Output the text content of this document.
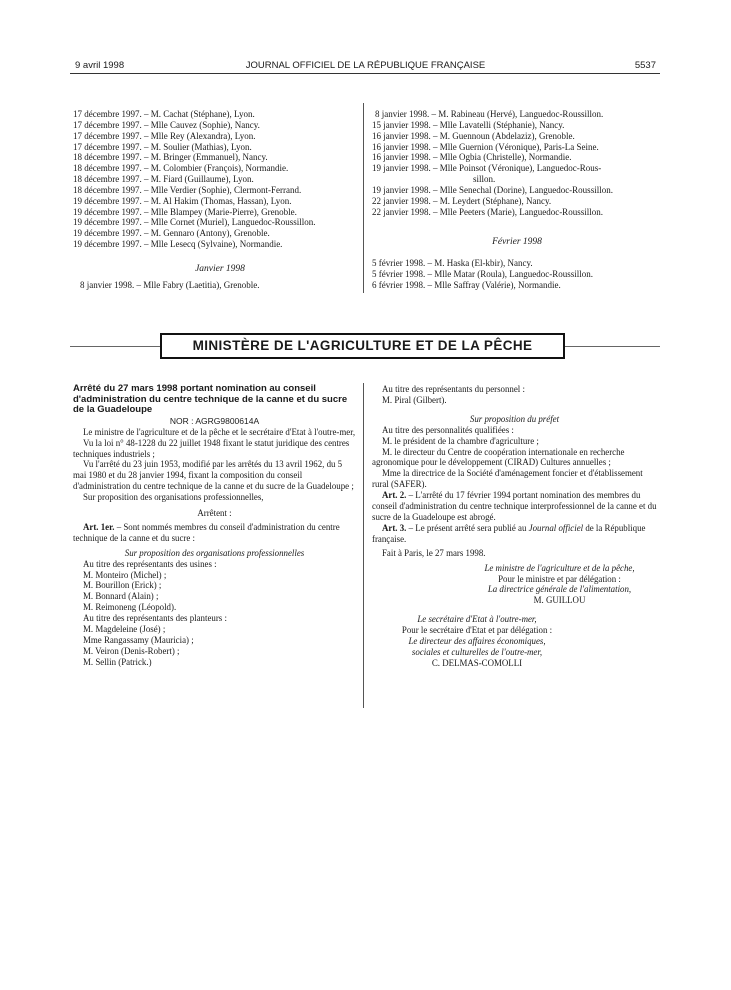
9 avril 1998	JOURNAL OFFICIEL DE LA RÉPUBLIQUE FRANÇAISE	5537
17 décembre 1997. – M. Cachat (Stéphane), Lyon.
17 décembre 1997. – Mlle Cauvez (Sophie), Nancy.
17 décembre 1997. – Mlle Rey (Alexandra), Lyon.
17 décembre 1997. – M. Soulier (Mathias), Lyon.
18 décembre 1997. – M. Bringer (Emmanuel), Nancy.
18 décembre 1997. – M. Colombier (François), Normandie.
18 décembre 1997. – M. Fiard (Guillaume), Lyon.
18 décembre 1997. – Mlle Verdier (Sophie), Clermont-Ferrand.
19 décembre 1997. – M. Al Hakim (Thomas, Hassan), Lyon.
19 décembre 1997. – Mlle Blampey (Marie-Pierre), Grenoble.
19 décembre 1997. – Mlle Cornet (Muriel), Languedoc-Roussillon.
19 décembre 1997. – M. Gennaro (Antony), Grenoble.
19 décembre 1997. – Mlle Lesecq (Sylvaine), Normandie.
Janvier 1998
8 janvier 1998. – Mlle Fabry (Laetitia), Grenoble.
8 janvier 1998. – M. Rabineau (Hervé), Languedoc-Roussillon.
15 janvier 1998. – Mlle Lavatelli (Stéphanie), Nancy.
16 janvier 1998. – M. Guennoun (Abdelaziz), Grenoble.
16 janvier 1998. – Mlle Guernion (Véronique), Paris-La Seine.
16 janvier 1998. – Mlle Ogbia (Christelle), Normandie.
19 janvier 1998. – Mlle Poinsot (Véronique), Languedoc-Rous-
sillon.
19 janvier 1998. – Mlle Senechal (Dorine), Languedoc-Roussillon.
22 janvier 1998. – M. Leydert (Stéphane), Nancy.
22 janvier 1998. – Mlle Peeters (Marie), Languedoc-Roussillon.
Février 1998
5 février 1998. – M. Haska (El-kbir), Nancy.
5 février 1998. – Mlle Matar (Roula), Languedoc-Roussillon.
6 février 1998. – Mlle Saffray (Valérie), Normandie.
MINISTÈRE DE L'AGRICULTURE ET DE LA PÊCHE

Arrêté du 27 mars 1998 portant nomination au conseil d'administration du centre technique de la canne et du sucre de la Guadeloupe

NOR : AGRG9800614A

Le ministre de l'agriculture et de la pêche et le secrétaire d'Etat à l'outre-mer,

Vu la loi n° 48-1228 du 22 juillet 1948 fixant le statut juridique des centres techniques industriels ;

Vu l'arrêté du 23 juin 1953, modifié par les arrêtés du 13 avril 1962, du 5 mai 1980 et du 28 janvier 1994, fixant la composition du conseil d'administration du centre technique de la canne et du sucre de la Guadeloupe ;

Sur proposition des organisations professionnelles,

Arrêtent :

Art. 1er. – Sont nommés membres du conseil d'administration du centre technique de la canne et du sucre :

Sur proposition des organisations professionnelles

Au titre des représentants des usines :

M. Monteiro (Michel) ;

M. Bourillon (Erick) ;

M. Bonnard (Alain) ;

M. Reimoneng (Léopold).

Au titre des représentants des planteurs :

M. Magdeleine (José) ;

Mme Rangassamy (Mauricia) ;

M. Veiron (Denis-Robert) ;

M. Sellin (Patrick.)

Au titre des représentants du personnel :

M. Piral (Gilbert).

Sur proposition du préfet

Au titre des personnalités qualifiées :

M. le président de la chambre d'agriculture ;

M. le directeur du Centre de coopération internationale en recherche agronomique pour le développement (CIRAD) Cultures annuelles ;

Mme la directrice de la Société d'aménagement foncier et d'établissement rural (SAFER).

Art. 2. – L'arrêté du 17 février 1994 portant nomination des membres du conseil d'administration du centre technique interprofessionnel de la canne et du sucre de la Guadeloupe est abrogé.

Art. 3. – Le présent arrêté sera publié au Journal officiel de la République française.

Fait à Paris, le 27 mars 1998.

Le ministre de l'agriculture et de la pêche,

Pour le ministre et par délégation :

La directrice générale de l'alimentation,

M. GUILLOU

Le secrétaire d'Etat à l'outre-mer,

Pour le secrétaire d'Etat et par délégation :

Le directeur des affaires économiques,

sociales et culturelles de l'outre-mer,

C. DELMAS-COMOLLI
